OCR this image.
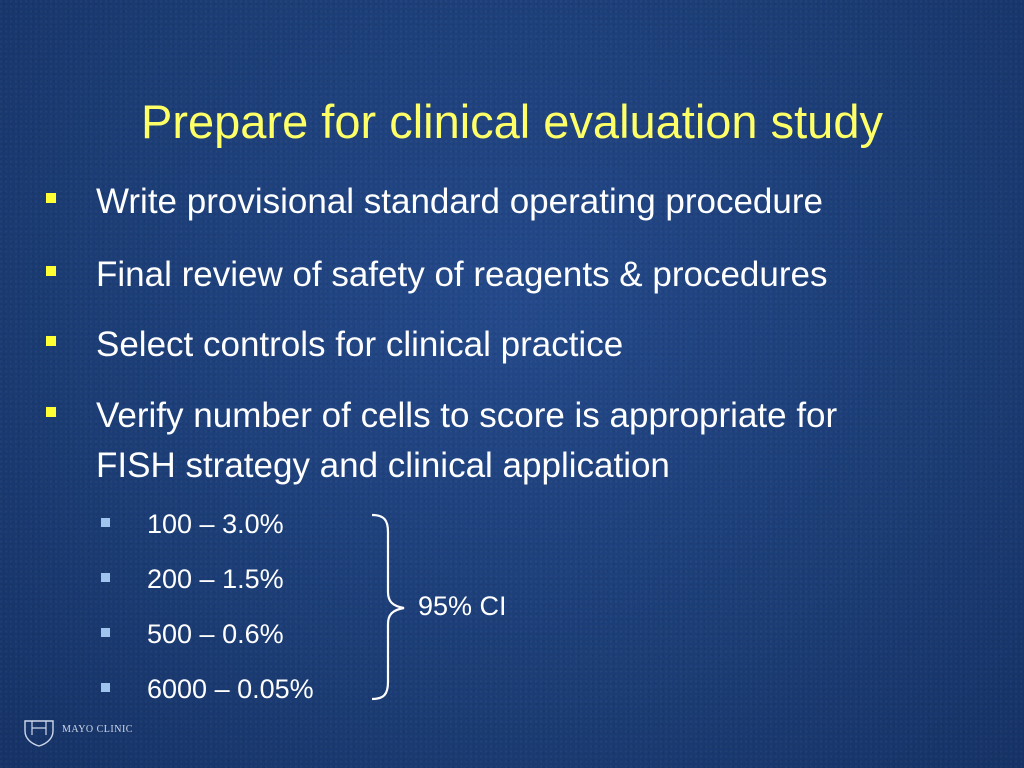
Prepare for clinical evaluation study
Write provisional standard operating procedure
Final review of safety of reagents & procedures
Select controls for clinical practice
Verify number of cells to score is appropriate for
FISH strategy and clinical application
100 – 3.0%
200 – 1.5%
500 – 0.6%
6000 – 0.05%
95% CI
MAYO CLINIC
